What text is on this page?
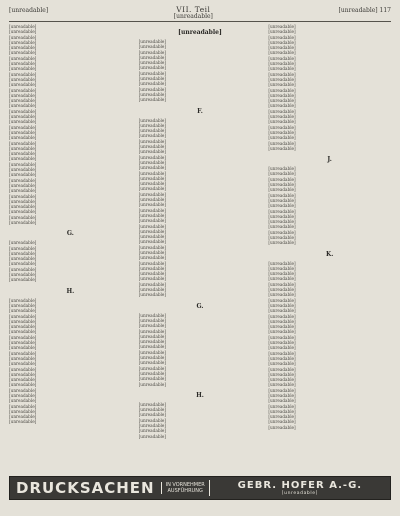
[unreadable]	VII. Teil
[unreadable]
[unreadable] 117
[unreadable]
[unreadable]
[unreadable]
[unreadable]
[unreadable]
[unreadable]
[unreadable]
[unreadable]
[unreadable]
[unreadable]
[unreadable]
[unreadable]
[unreadable]
[unreadable]
[unreadable]
[unreadable]
[unreadable]
[unreadable]
[unreadable]
[unreadable]
[unreadable]
[unreadable]
[unreadable]
[unreadable]
[unreadable]
[unreadable]
[unreadable]
[unreadable]
[unreadable]
[unreadable]
[unreadable]
[unreadable]
[unreadable]
[unreadable]
[unreadable]
[unreadable]
[unreadable]
[unreadable]
G.
[unreadable]
[unreadable]
[unreadable]
[unreadable]
[unreadable]
[unreadable]
[unreadable]
[unreadable]
H.
[unreadable]
[unreadable]
[unreadable]
[unreadable]
[unreadable]
[unreadable]
[unreadable]
[unreadable]
[unreadable]
[unreadable]
[unreadable]
[unreadable]
[unreadable]
[unreadable]
[unreadable]
[unreadable]
[unreadable]
[unreadable]
[unreadable]
[unreadable]
[unreadable]
[unreadable]
[unreadable]
[unreadable]
[unreadable]
[unreadable]
[unreadable]
[unreadable]
[unreadable]
[unreadable]
[unreadable]
[unreadable]
[unreadable]
[unreadable]
[unreadable]
[unreadable]
[unreadable]
F.
[unreadable]
[unreadable]
[unreadable]
[unreadable]
[unreadable]
[unreadable]
[unreadable]
[unreadable]
[unreadable]
[unreadable]
[unreadable]
[unreadable]
[unreadable]
[unreadable]
[unreadable]
[unreadable]
[unreadable]
[unreadable]
[unreadable]
[unreadable]
[unreadable]
[unreadable]
[unreadable]
[unreadable]
[unreadable]
[unreadable]
[unreadable]
[unreadable]
[unreadable]
[unreadable]
[unreadable]
[unreadable]
[unreadable]
[unreadable]
G.
[unreadable]
[unreadable]
[unreadable]
[unreadable]
[unreadable]
[unreadable]
[unreadable]
[unreadable]
[unreadable]
[unreadable]
[unreadable]
[unreadable]
[unreadable]
[unreadable]
H.
[unreadable]
[unreadable]
[unreadable]
[unreadable]
[unreadable]
[unreadable]
[unreadable]
[unreadable]
[unreadable]
[unreadable]
[unreadable]
[unreadable]
[unreadable]
[unreadable]
[unreadable]
[unreadable]
[unreadable]
[unreadable]
[unreadable]
[unreadable]
[unreadable]
[unreadable]
[unreadable]
[unreadable]
[unreadable]
[unreadable]
[unreadable]
[unreadable]
[unreadable]
[unreadable]
[unreadable]
J.
[unreadable]
[unreadable]
[unreadable]
[unreadable]
[unreadable]
[unreadable]
[unreadable]
[unreadable]
[unreadable]
[unreadable]
[unreadable]
[unreadable]
[unreadable]
[unreadable]
[unreadable]
K.
[unreadable]
[unreadable]
[unreadable]
[unreadable]
[unreadable]
[unreadable]
[unreadable]
[unreadable]
[unreadable]
[unreadable]
[unreadable]
[unreadable]
[unreadable]
[unreadable]
[unreadable]
[unreadable]
[unreadable]
[unreadable]
[unreadable]
[unreadable]
[unreadable]
[unreadable]
[unreadable]
[unreadable]
[unreadable]
[unreadable]
[unreadable]
[unreadable]
[unreadable]
[unreadable]
[unreadable]
[unreadable]
DRUCKSACHEN	IN VORNEHMER
AUSFÜHRUNG	GEBR. HOFER A.-G.
[unreadable]
